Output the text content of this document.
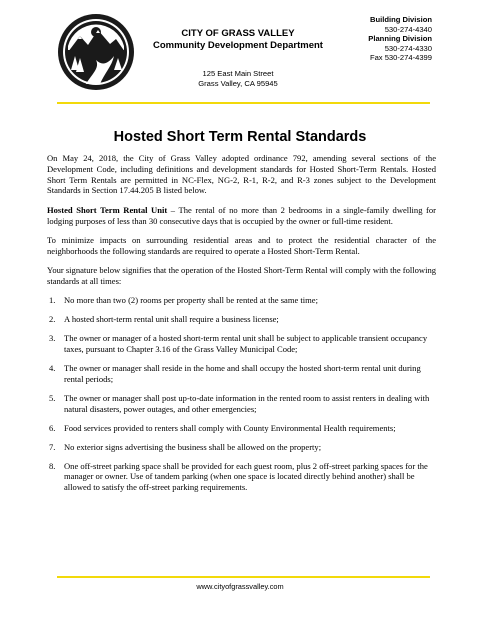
CITY OF GRASS VALLEY
Community Development Department
125 East Main Street
Grass Valley, CA 95945
Building Division
530-274-4340
Planning Division
530-274-4330
Fax 530-274-4399
Hosted Short Term Rental Standards

On May 24, 2018, the City of Grass Valley adopted ordinance 792, amending several sections of the Development Code, including definitions and development standards for Hosted Short-Term Rentals. Hosted Short Term Rentals are permitted in NC-Flex, NG-2, R-1, R-2, and R-3 zones subject to the Development Standards in Section 17.44.205 B listed below.

Hosted Short Term Rental Unit – The rental of no more than 2 bedrooms in a single-family dwelling for lodging purposes of less than 30 consecutive days that is occupied by the owner or full-time resident.

To minimize impacts on surrounding residential areas and to protect the residential character of the neighborhoods the following standards are required to operate a Hosted Short-Term Rental.

Your signature below signifies that the operation of the Hosted Short-Term Rental will comply with the following standards at all times:

1. No more than two (2) rooms per property shall be rented at the same time;
2. A hosted short-term rental unit shall require a business license;
3. The owner or manager of a hosted short-term rental unit shall be subject to applicable transient occupancy taxes, pursuant to Chapter 3.16 of the Grass Valley Municipal Code;
4. The owner or manager shall reside in the home and shall occupy the hosted short-term rental unit during rental periods;
5. The owner or manager shall post up-to-date information in the rented room to assist renters in dealing with natural disasters, power outages, and other emergencies;
6. Food services provided to renters shall comply with County Environmental Health requirements;
7. No exterior signs advertising the business shall be allowed on the property;
8. One off-street parking space shall be provided for each guest room, plus 2 off-street parking spaces for the manager or owner. Use of tandem parking (when one space is located directly behind another) shall be allowed to satisfy the off-street parking requirements.
www.cityofgrassvalley.com
